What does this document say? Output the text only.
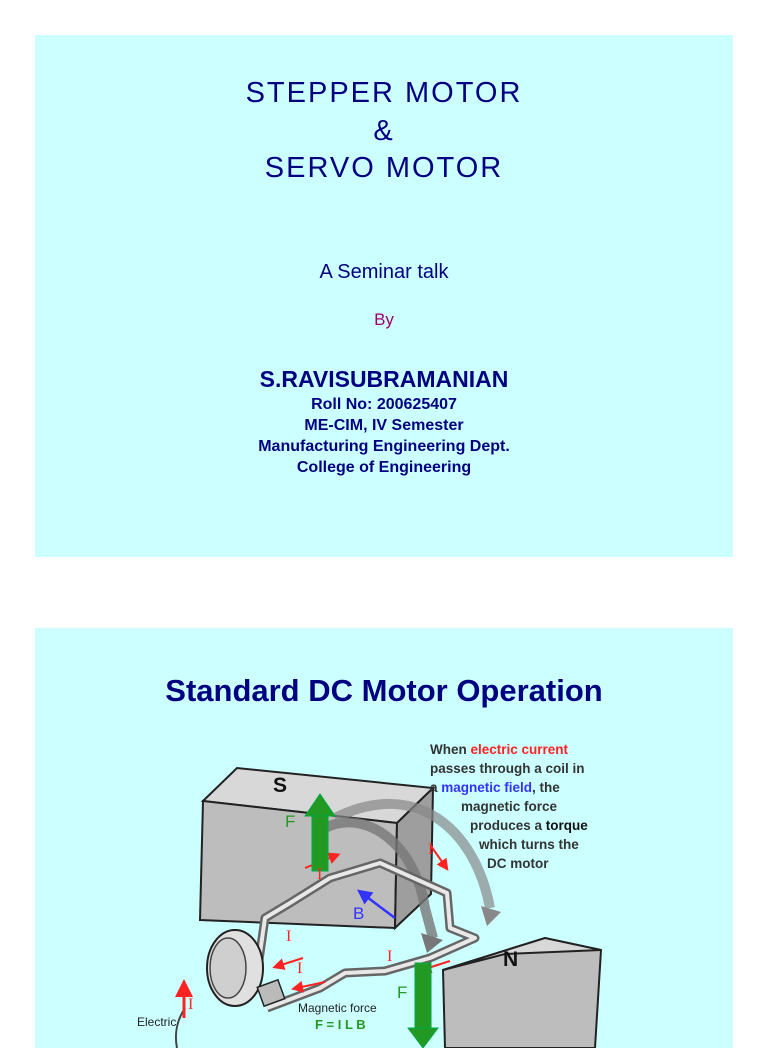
STEPPER MOTOR
&
SERVO MOTOR
A Seminar talk
By
S.RAVISUBRAMANIAN
Roll No: 200625407
ME-CIM, IV Semester
Manufacturing Engineering Dept.
College of Engineering
Standard DC Motor Operation
S
N
F
F
B
I
I
I
I
I
I
Electric
Magnetic force
F = I L B
When electric current
passes through a coil in
a magnetic field, the
magnetic force
produces a torque
which turns the
DC motor
